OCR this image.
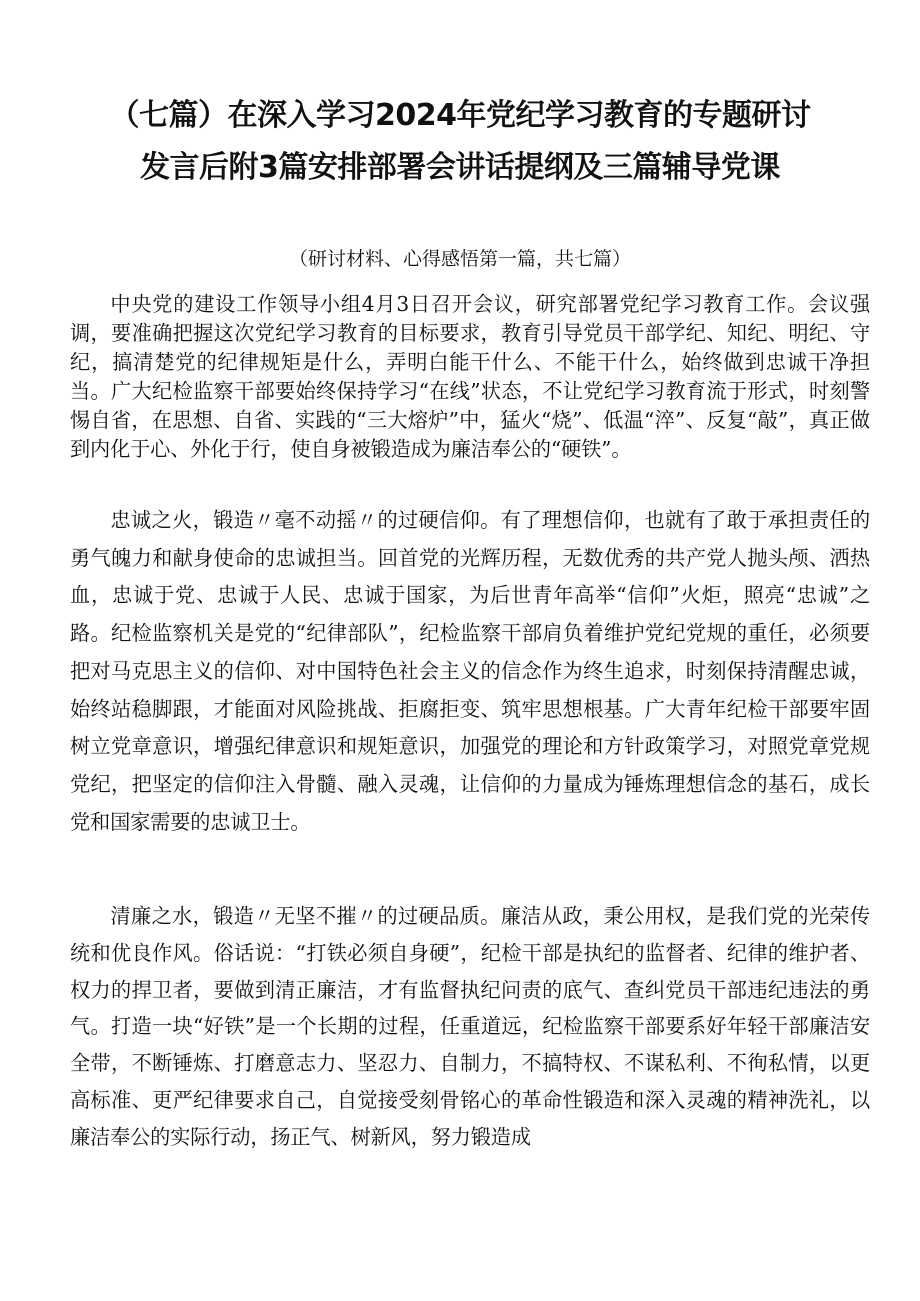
（七篇）在深入学习2024年党纪学习教育的专题研讨
发言后附3篇安排部署会讲话提纲及三篇辅导党课
（研讨材料、心得感悟第一篇，共七篇）

中央党的建设工作领导小组4月3日召开会议，研究部署党纪学习教育工作。会议强调，要准确把握这次党纪学习教育的目标要求，教育引导党员干部学纪、知纪、明纪、守纪，搞清楚党的纪律规矩是什么，弄明白能干什么、不能干什么，始终做到忠诚干净担当。广大纪检监察干部要始终保持学习“在线”状态，不让党纪学习教育流于形式，时刻警惕自省，在思想、自省、实践的“三大熔炉”中，猛火“烧”、低温“淬”、反复“敲”，真正做到内化于心、外化于行，使自身被锻造成为廉洁奉公的“硬铁”。

忠诚之火，锻造〃毫不动摇〃的过硬信仰。有了理想信仰，也就有了敢于承担责任的勇气魄力和献身使命的忠诚担当。回首党的光辉历程，无数优秀的共产党人抛头颅、洒热血，忠诚于党、忠诚于人民、忠诚于国家，为后世青年高举“信仰”火炬，照亮“忠诚”之路。纪检监察机关是党的“纪律部队”，纪检监察干部肩负着维护党纪党规的重任，必须要把对马克思主义的信仰、对中国特色社会主义的信念作为终生追求，时刻保持清醒忠诚，始终站稳脚跟，才能面对风险挑战、拒腐拒变、筑牢思想根基。广大青年纪检干部要牢固树立党章意识，增强纪律意识和规矩意识，加强党的理论和方针政策学习，对照党章党规党纪，把坚定的信仰注入骨髓、融入灵魂，让信仰的力量成为锤炼理想信念的基石，成长党和国家需要的忠诚卫士。

清廉之水，锻造〃无坚不摧〃的过硬品质。廉洁从政，秉公用权，是我们党的光荣传统和优良作风。俗话说：“打铁必须自身硬”，纪检干部是执纪的监督者、纪律的维护者、权力的捍卫者，要做到清正廉洁，才有监督执纪问责的底气、查纠党员干部违纪违法的勇气。打造一块“好铁”是一个长期的过程，任重道远，纪检监察干部要系好年轻干部廉洁安全带，不断锤炼、打磨意志力、坚忍力、自制力，不搞特权、不谋私利、不徇私情，以更高标准、更严纪律要求自己，自觉接受刻骨铭心的革命性锻造和深入灵魂的精神洗礼，以廉洁奉公的实际行动，扬正气、树新风，努力锻造成
